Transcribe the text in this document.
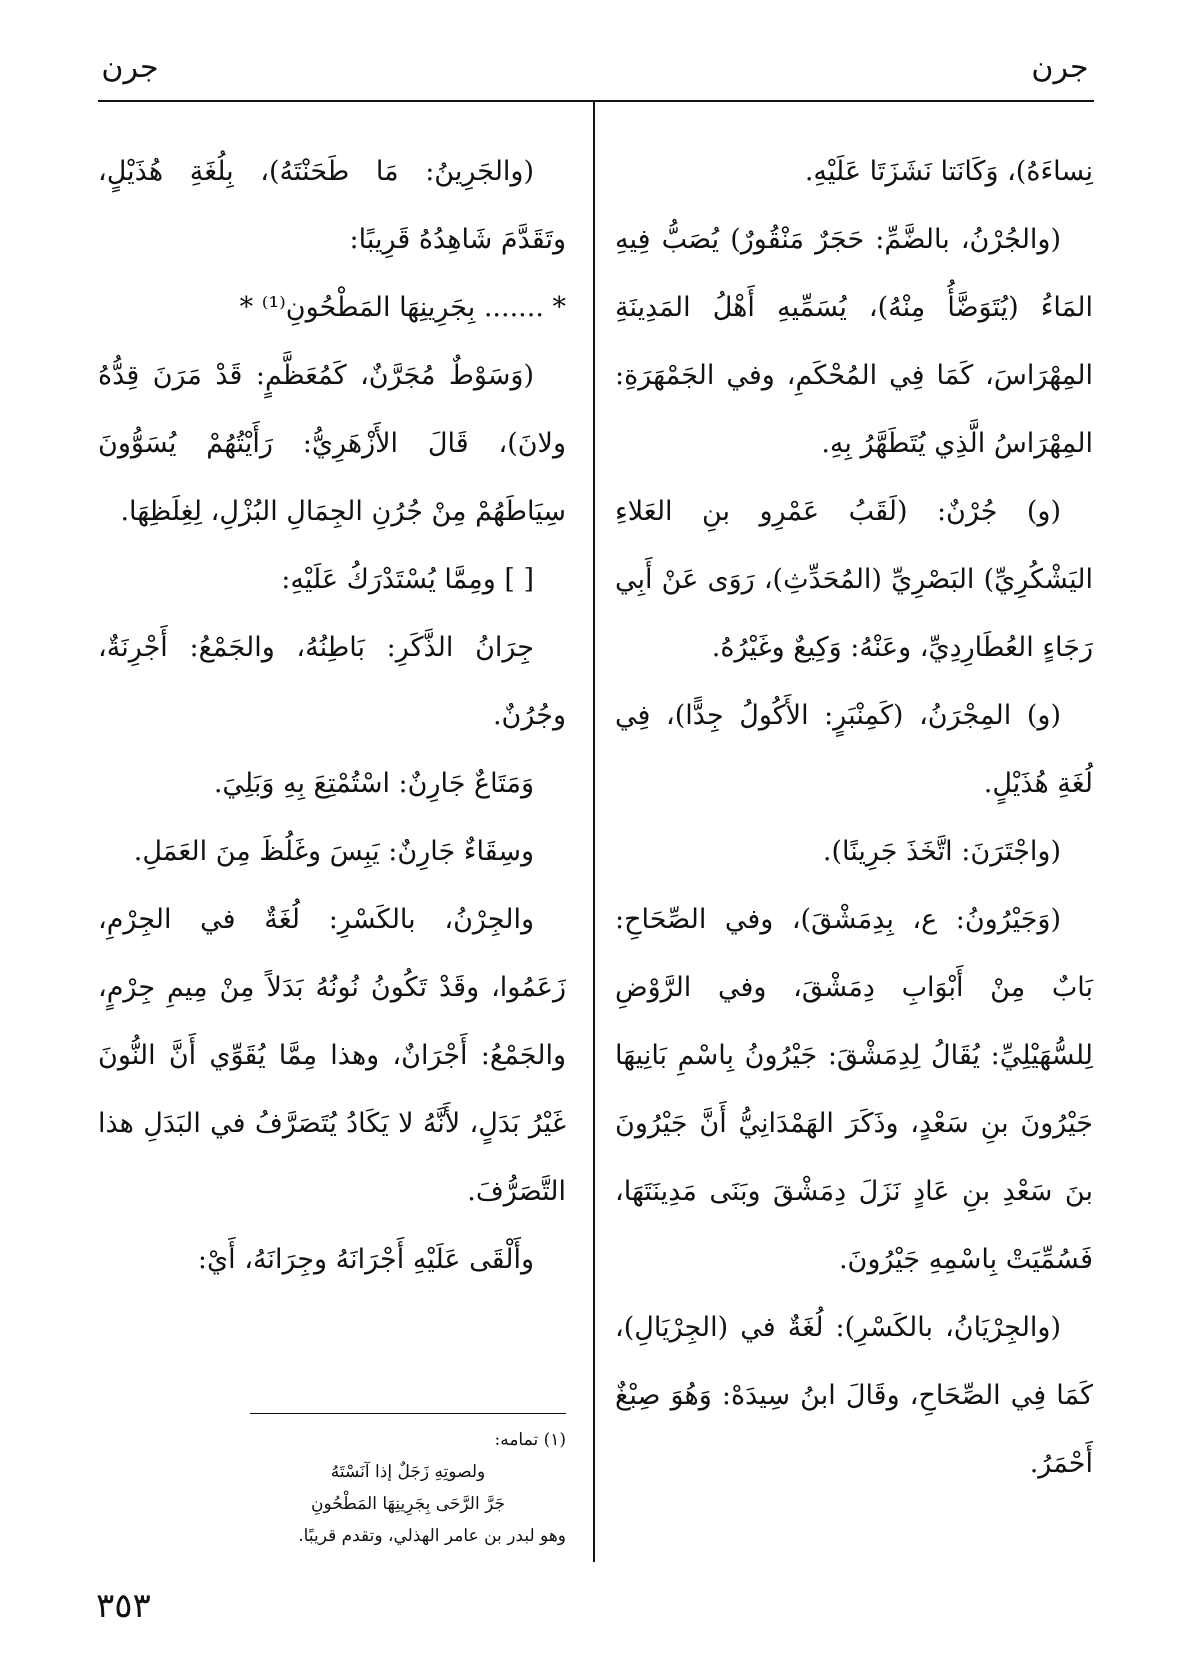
جرن
جرن

نِساءَهُ)، وَكَانَتا نَشَزَتَا عَلَيْهِ.

(والجُرْنُ، بالضَّمِّ: حَجَرٌ مَنْقُورٌ) يُصَبُّ فِيهِ المَاءُ (يُتَوَضَّأُ مِنْهُ)، يُسَمِّيهِ أَهْلُ المَدِينَةِ المِهْرَاسَ، كَمَا فِي المُحْكَمِ، وفي الجَمْهَرَةِ: المِهْرَاسُ الَّذِي يُتَطَهَّرُ بِهِ.

(و) جُرْنٌ: (لَقَبُ عَمْرِو بنِ العَلاءِ اليَشْكُرِيِّ) البَصْرِيِّ (المُحَدِّثِ)، رَوَى عَنْ أَبِي رَجَاءٍ العُطَارِدِيِّ، وعَنْهُ: وَكِيعٌ وغَيْرُهُ.

(و) المِجْرَنُ، (كَمِنْبَرٍ: الأَكُولُ جِدًّا)، فِي لُغَةِ هُذَيْلٍ.

(واجْتَرَنَ: اتَّخَذَ جَرِينًا).

(وَجَيْرُونُ: ع، بِدِمَشْقَ)، وفي الصِّحَاحِ: بَابٌ مِنْ أَبْوَابِ دِمَشْقَ، وفي الرَّوْضِ لِلسُّهَيْلِيِّ: يُقَالُ لِدِمَشْقَ: جَيْرُونُ بِاسْمِ بَانِيهَا جَيْرُونَ بنِ سَعْدٍ، وذَكَرَ الهَمْدَانِيُّ أَنَّ جَيْرُونَ بنَ سَعْدِ بنِ عَادٍ نَزَلَ دِمَشْقَ وبَنَى مَدِينَتَهَا، فَسُمِّيَتْ بِاسْمِهِ جَيْرُونَ.

(والجِرْيَانُ، بالكَسْرِ): لُغَةٌ في (الجِرْيَالِ)، كَمَا فِي الصِّحَاحِ، وقَالَ ابنُ سِيدَهْ: وَهُوَ صِبْغٌ أَحْمَرُ.

(والجَرِينُ: مَا طَحَنْتَهُ)، بِلُغَةِ هُذَيْلٍ، وتَقَدَّمَ شَاهِدُهُ قَرِيبًا:

* ....... بِجَرِينِهَا المَطْحُونِ⁽¹⁾ *

(وَسَوْطٌ مُجَرَّنٌ، كَمُعَظَّمٍ: قَدْ مَرَنَ قِدُّهُ ولانَ)، قَالَ الأَزْهَرِيُّ: رَأَيْتُهُمْ يُسَوُّونَ سِيَاطَهُمْ مِنْ جُرُنِ الجِمَالِ البُزْلِ، لِغِلَظِهَا.

[ ] ومِمَّا يُسْتَدْرَكُ عَلَيْهِ:

جِرَانُ الذَّكَرِ: بَاطِنُهُ، والجَمْعُ: أَجْرِنَةٌ، وجُرُنٌ.

وَمَتَاعٌ جَارِنٌ: اسْتُمْتِعَ بِهِ وَبَلِيَ.

وسِقَاءٌ جَارِنٌ: يَبِسَ وغَلُظَ مِنَ العَمَلِ.

والجِرْنُ، بالكَسْرِ: لُغَةٌ في الجِرْمِ، زَعَمُوا، وقَدْ تَكُونُ نُونُهُ بَدَلاً مِنْ مِيمِ جِرْمٍ، والجَمْعُ: أَجْرَانٌ، وهذا مِمَّا يُقَوِّي أَنَّ النُّونَ غَيْرُ بَدَلٍ، لأَنَّهُ لا يَكَادُ يُتَصَرَّفُ في البَدَلِ هذا التَّصَرُّفَ.

وأَلْقَى عَلَيْهِ أَجْرَانَهُ وجِرَانَهُ، أَيْ:

(١) تمامه:

ولصوتِهِ زَجَلٌ إذا آنَسْتَهُ

جَرَّ الرَّحَى بِجَرِينِهَا المَطْحُونِ

وهو لبدر بن عامر الهذلي، وتقدم قريبًا.

٣٥٣
